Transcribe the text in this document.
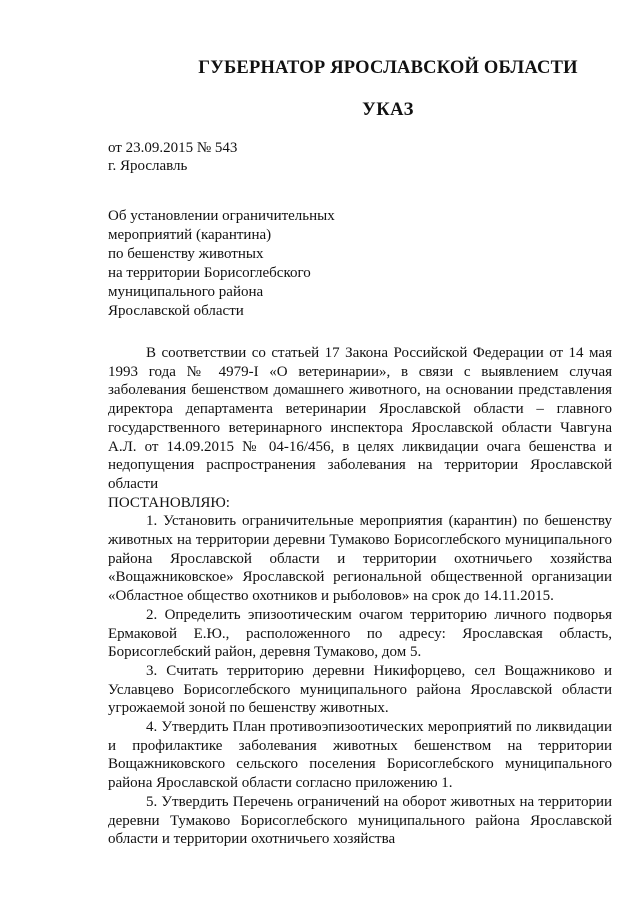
ГУБЕРНАТОР ЯРОСЛАВСКОЙ ОБЛАСТИ
УКАЗ
от 23.09.2015 № 543
г. Ярославль
Об установлении ограничительных
мероприятий (карантина)
по бешенству животных
на территории Борисоглебского
муниципального района
Ярославской области

В соответствии со статьей 17 Закона Российской Федерации от 14 мая 1993 года № 4979-I «О ветеринарии», в связи с выявлением случая заболевания бешенством домашнего животного, на основании представления директора департамента ветеринарии Ярославской области – главного государственного ветеринарного инспектора Ярославской области Чавгуна А.Л. от 14.09.2015 № 04-16/456, в целях ликвидации очага бешенства и недопущения распространения заболевания на территории Ярославской области

ПОСТАНОВЛЯЮ:

1. Установить ограничительные мероприятия (карантин) по бешенству животных на территории деревни Тумаково Борисоглебского муниципального района Ярославской области и территории охотничьего хозяйства «Вощажниковское» Ярославской региональной общественной организации «Областное общество охотников и рыболовов» на срок до 14.11.2015.

2. Определить эпизоотическим очагом территорию личного подворья Ермаковой Е.Ю., расположенного по адресу: Ярославская область, Борисоглебский район, деревня Тумаково, дом 5.

3. Считать территорию деревни Никифорцево, сел Вощажниково и Уславцево Борисоглебского муниципального района Ярославской области угрожаемой зоной по бешенству животных.

4. Утвердить План противоэпизоотических мероприятий по ликвидации и профилактике заболевания животных бешенством на территории Вощажниковского сельского поселения Борисоглебского муниципального района Ярославской области согласно приложению 1.

5. Утвердить Перечень ограничений на оборот животных на территории деревни Тумаково Борисоглебского муниципального района Ярославской области и территории охотничьего хозяйства
